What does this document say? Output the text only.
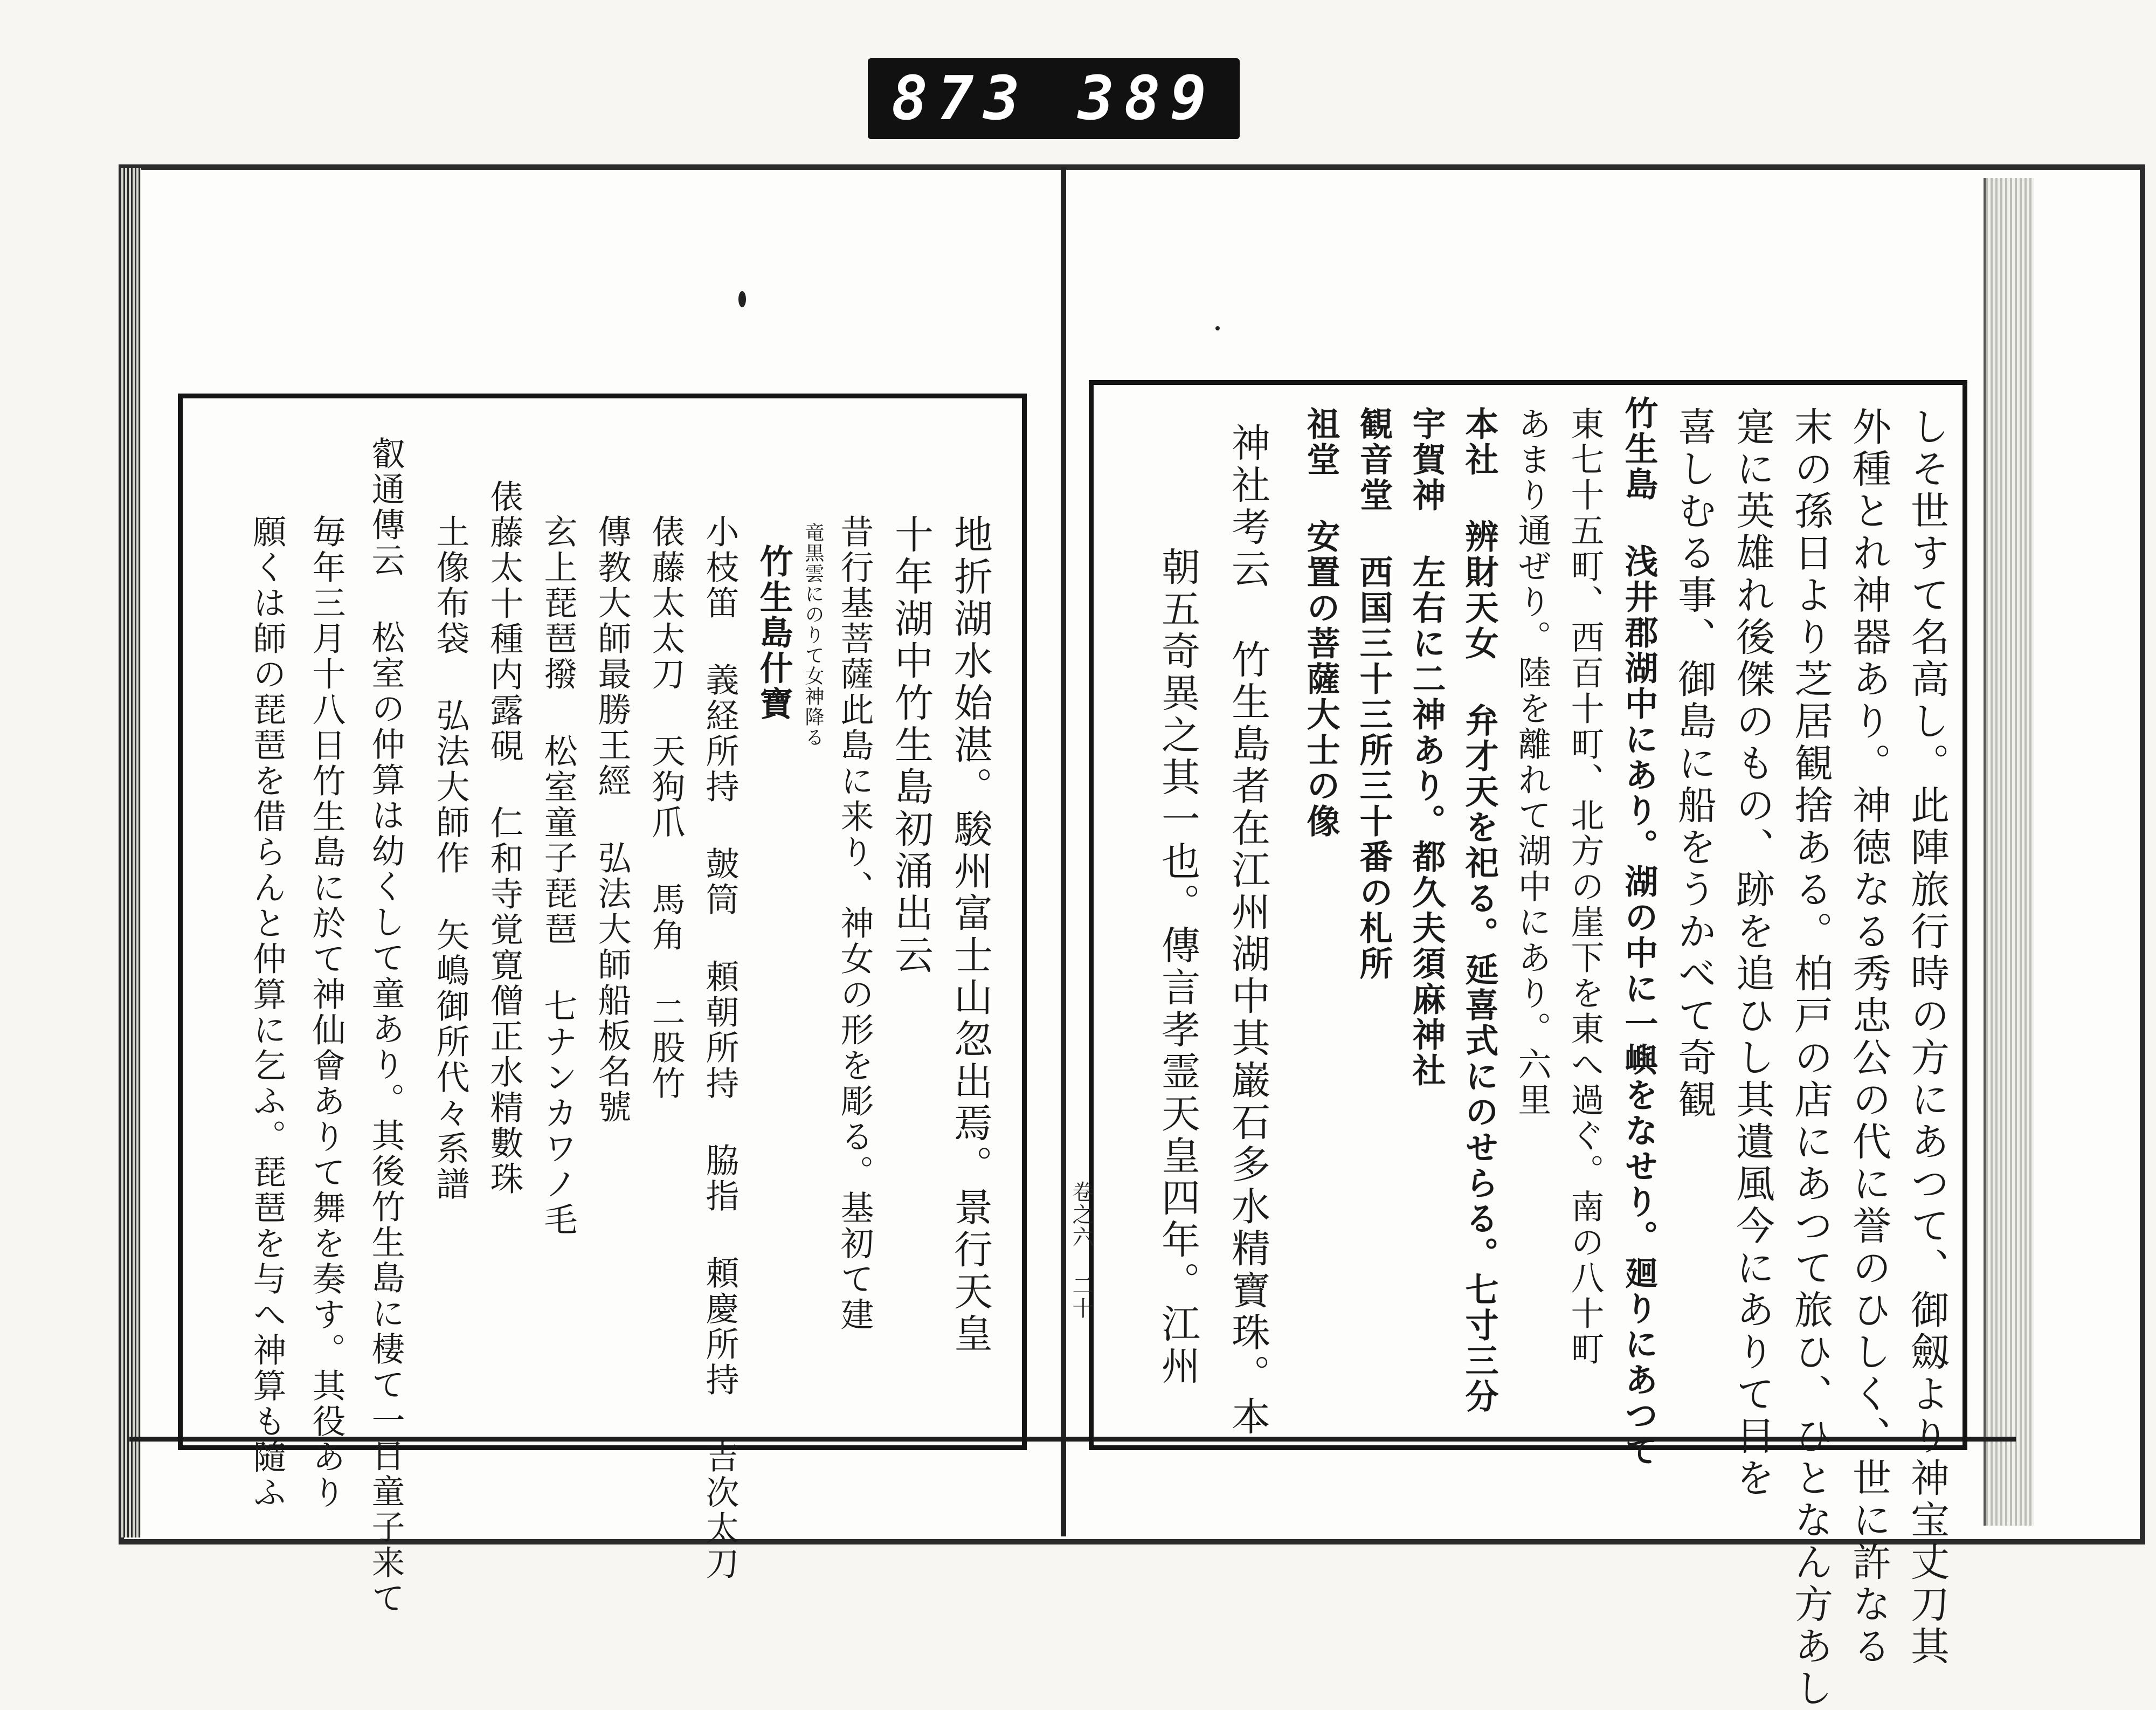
873 389
しそ世すて名高し。此陣旅行時の方にあつて、御劔より神宝丈刀其
外種とれ神器あり。神徳なる秀忠公の代に誉のひしく、世に許なる
末の孫日より芝居観捨ある。柏戸の店にあつて旅ひ、ひとなん方あし
寔に英雄れ後傑のもの、跡を追ひし其遺風今にありて目を
喜しむる事、御島に船をうかべて奇観
竹生島 浅井郡湖中にあり。湖の中に一嶼をなせり。廻りにあつて
東七十五町、西百十町、北方の崖下を東へ過ぐ。南の八十町
あまり通ぜり。陸を離れて湖中にあり。六里
本社 辨財天女 弁才天を祀る。延喜式にのせらる。七寸三分
宇賀神 左右に二神あり。都久夫須麻神社
観音堂 西国三十三所三十番の札所
祖堂 安置の菩薩大士の像
神社考云 竹生島者在江州湖中其巌石多水精寶珠。本
朝五奇異之其一也。傳言孝霊天皇四年。江州
地折湖水始湛。駿州富士山忽出焉。景行天皇
十年湖中竹生島初涌出云
昔行基菩薩此島に来り、神女の形を彫る。基初て建
竜黒雲にのりて女神降る
竹生島什寶
小枝笛 義経所持 皷筒 頼朝所持 脇指 頼慶所持 吉次太刀
俵藤太太刀 天狗爪 馬角 二股竹
傳教大師最勝王經 弘法大師船板名號
玄上琵琶撥 松室童子琵琶 七ナンカワノ毛
俵藤太十種内露硯 仁和寺覚寛僧正水精數珠
土像布袋 弘法大師作 矢嶋御所代々系譜
叡通傳云 松室の仲算は幼くして童あり。其後竹生島に棲て一日童子来て
毎年三月十八日竹生島に於て神仙會ありて舞を奏す。其役あり
願くは師の琵琶を借らんと仲算に乞ふ。琵琶を与へ神算も隨ふ	卷之六 二十
